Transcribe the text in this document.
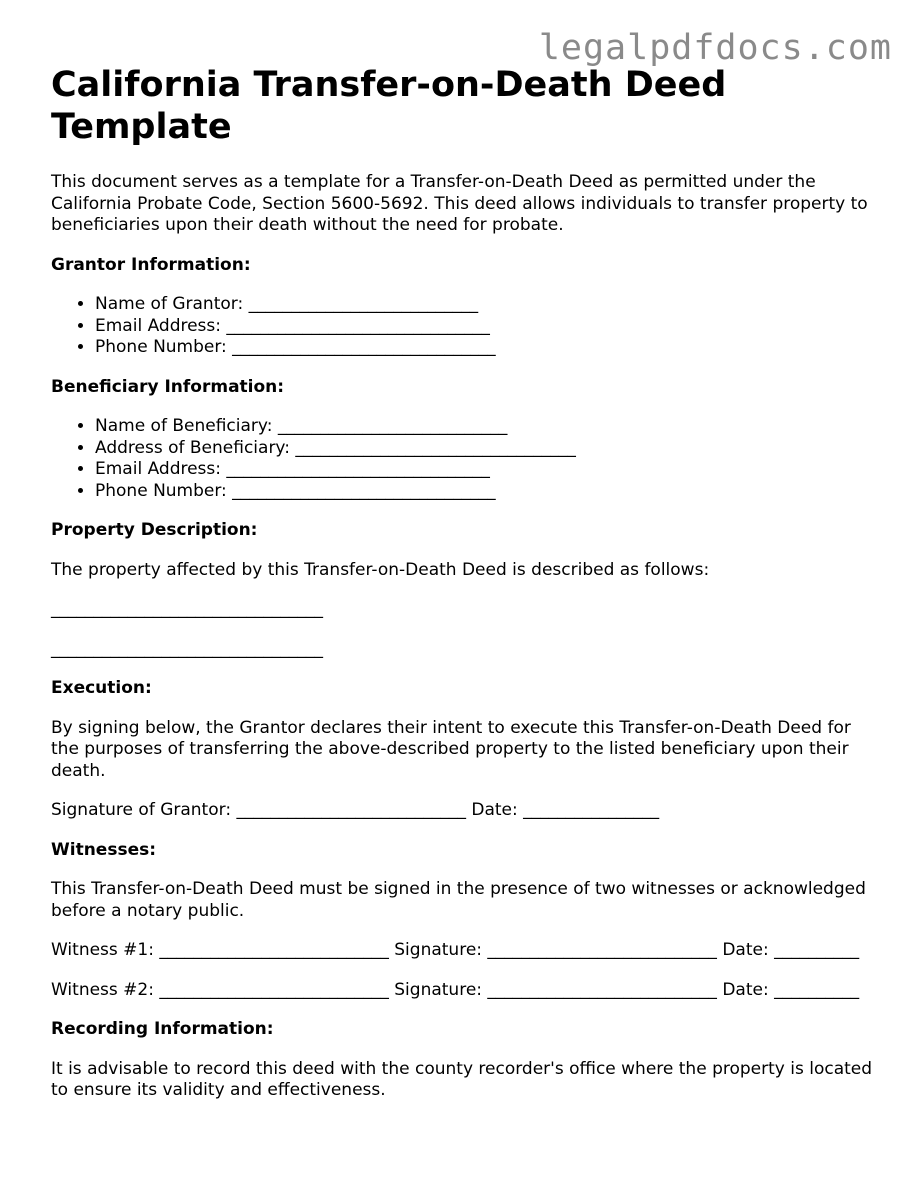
legalpdfdocs.com
California Transfer-on-Death Deed Template

This document serves as a template for a Transfer-on-Death Deed as permitted under the California Probate Code, Section 5600-5692. This deed allows individuals to transfer property to beneficiaries upon their death without the need for probate.

Grantor Information:
• Name of Grantor: ___________________________
• Email Address: _______________________________
• Phone Number: _______________________________
Beneficiary Information:
• Name of Beneficiary: ___________________________
• Address of Beneficiary: _________________________________
• Email Address: _______________________________
• Phone Number: _______________________________
Property Description:

The property affected by this Transfer-on-Death Deed is described as follows:

________________________________
________________________________
Execution:

By signing below, the Grantor declares their intent to execute this Transfer-on-Death Deed for the purposes of transferring the above-described property to the listed beneficiary upon their death.

Signature of Grantor: ___________________________ Date: ________________

Witnesses:

This Transfer-on-Death Deed must be signed in the presence of two witnesses or acknowledged before a notary public.

Witness #1: ___________________________ Signature: ___________________________ Date: __________

Witness #2: ___________________________ Signature: ___________________________ Date: __________

Recording Information:

It is advisable to record this deed with the county recorder's office where the property is located to ensure its validity and effectiveness.
